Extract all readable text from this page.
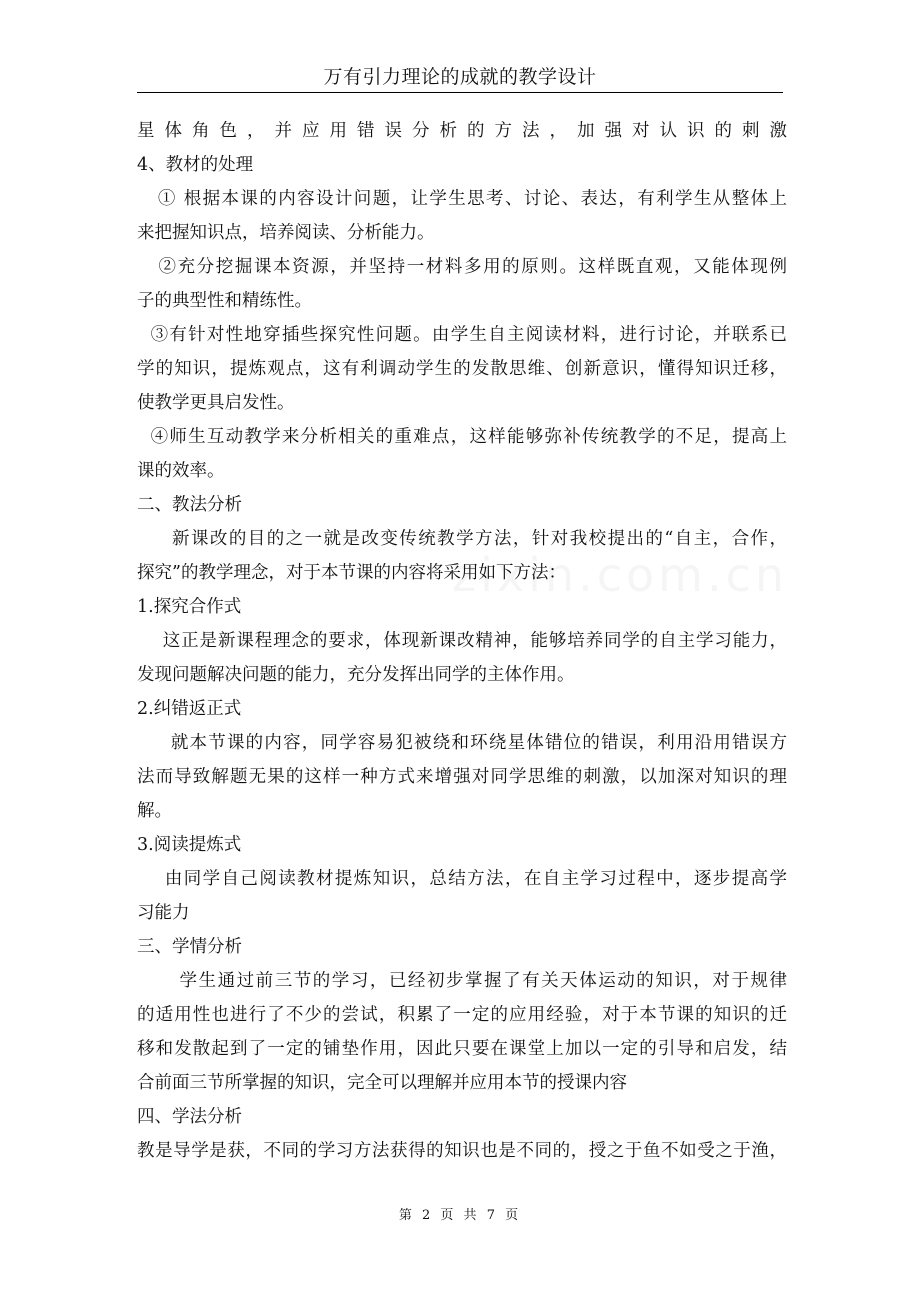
万有引力理论的成就的教学设计
zixin.com.cn
星体角色，并应用错误分析的方法，加强对认识的刺激
4、教材的处理
① 根据本课的内容设计问题，让学生思考、讨论、表达，有利学生从整体上
来把握知识点，培养阅读、分析能力。
②充分挖掘课本资源，并坚持一材料多用的原则。这样既直观，又能体现例
子的典型性和精练性。
③有针对性地穿插些探究性问题。由学生自主阅读材料，进行讨论，并联系已
学的知识，提炼观点，这有利调动学生的发散思维、创新意识，懂得知识迁移，
使教学更具启发性。
④师生互动教学来分析相关的重难点，这样能够弥补传统教学的不足，提高上
课的效率。
二、教法分析
新课改的目的之一就是改变传统教学方法，针对我校提出的“自主，合作，
探究”的教学理念，对于本节课的内容将采用如下方法：
1.探究合作式
这正是新课程理念的要求，体现新课改精神，能够培养同学的自主学习能力，
发现问题解决问题的能力，充分发挥出同学的主体作用。
2.纠错返正式
就本节课的内容，同学容易犯被绕和环绕星体错位的错误，利用沿用错误方
法而导致解题无果的这样一种方式来增强对同学思维的刺激，以加深对知识的理
解。
3.阅读提炼式
由同学自己阅读教材提炼知识，总结方法，在自主学习过程中，逐步提高学
习能力
三、学情分析
学生通过前三节的学习，已经初步掌握了有关天体运动的知识，对于规律
的适用性也进行了不少的尝试，积累了一定的应用经验，对于本节课的知识的迁
移和发散起到了一定的铺垫作用，因此只要在课堂上加以一定的引导和启发，结
合前面三节所掌握的知识，完全可以理解并应用本节的授课内容
四、学法分析
教是导学是获，不同的学习方法获得的知识也是不同的，授之于鱼不如受之于渔，
第 2 页 共 7 页
